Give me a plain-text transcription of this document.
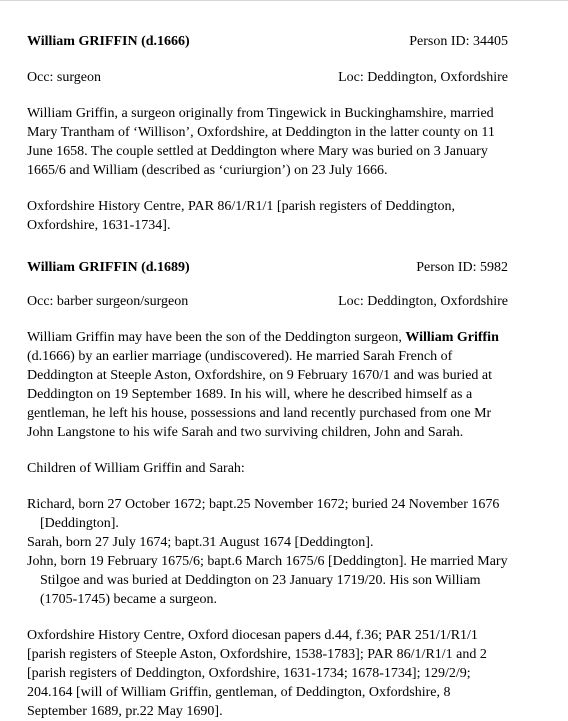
William GRIFFIN (d.1666)	Person ID: 34405
Occ: surgeon	Loc: Deddington, Oxfordshire

William Griffin, a surgeon originally from Tingewick in Buckinghamshire, married Mary Trantham of ‘Willison’, Oxfordshire, at Deddington in the latter county on 11 June 1658. The couple settled at Deddington where Mary was buried on 3 January 1665/6 and William (described as ‘curiurgion’) on 23 July 1666.

Oxfordshire History Centre, PAR 86/1/R1/1 [parish registers of Deddington, Oxfordshire, 1631-1734].

William GRIFFIN (d.1689)	Person ID: 5982
Occ: barber surgeon/surgeon	Loc: Deddington, Oxfordshire

William Griffin may have been the son of the Deddington surgeon, William Griffin (d.1666) by an earlier marriage (undiscovered). He married Sarah French of Deddington at Steeple Aston, Oxfordshire, on 9 February 1670/1 and was buried at Deddington on 19 September 1689. In his will, where he described himself as a gentleman, he left his house, possessions and land recently purchased from one Mr John Langstone to his wife Sarah and two surviving children, John and Sarah.

Children of William Griffin and Sarah:

Richard, born 27 October 1672; bapt.25 November 1672; buried 24 November 1676 [Deddington].

Sarah, born 27 July 1674; bapt.31 August 1674 [Deddington].

John, born 19 February 1675/6; bapt.6 March 1675/6 [Deddington]. He married Mary Stilgoe and was buried at Deddington on 23 January 1719/20. His son William (1705-1745) became a surgeon.

Oxfordshire History Centre, Oxford diocesan papers d.44, f.36; PAR 251/1/R1/1 [parish registers of Steeple Aston, Oxfordshire, 1538-1783]; PAR 86/1/R1/1 and 2 [parish registers of Deddington, Oxfordshire, 1631-1734; 1678-1734]; 129/2/9; 204.164 [will of William Griffin, gentleman, of Deddington, Oxfordshire, 8 September 1689, pr.22 May 1690].
